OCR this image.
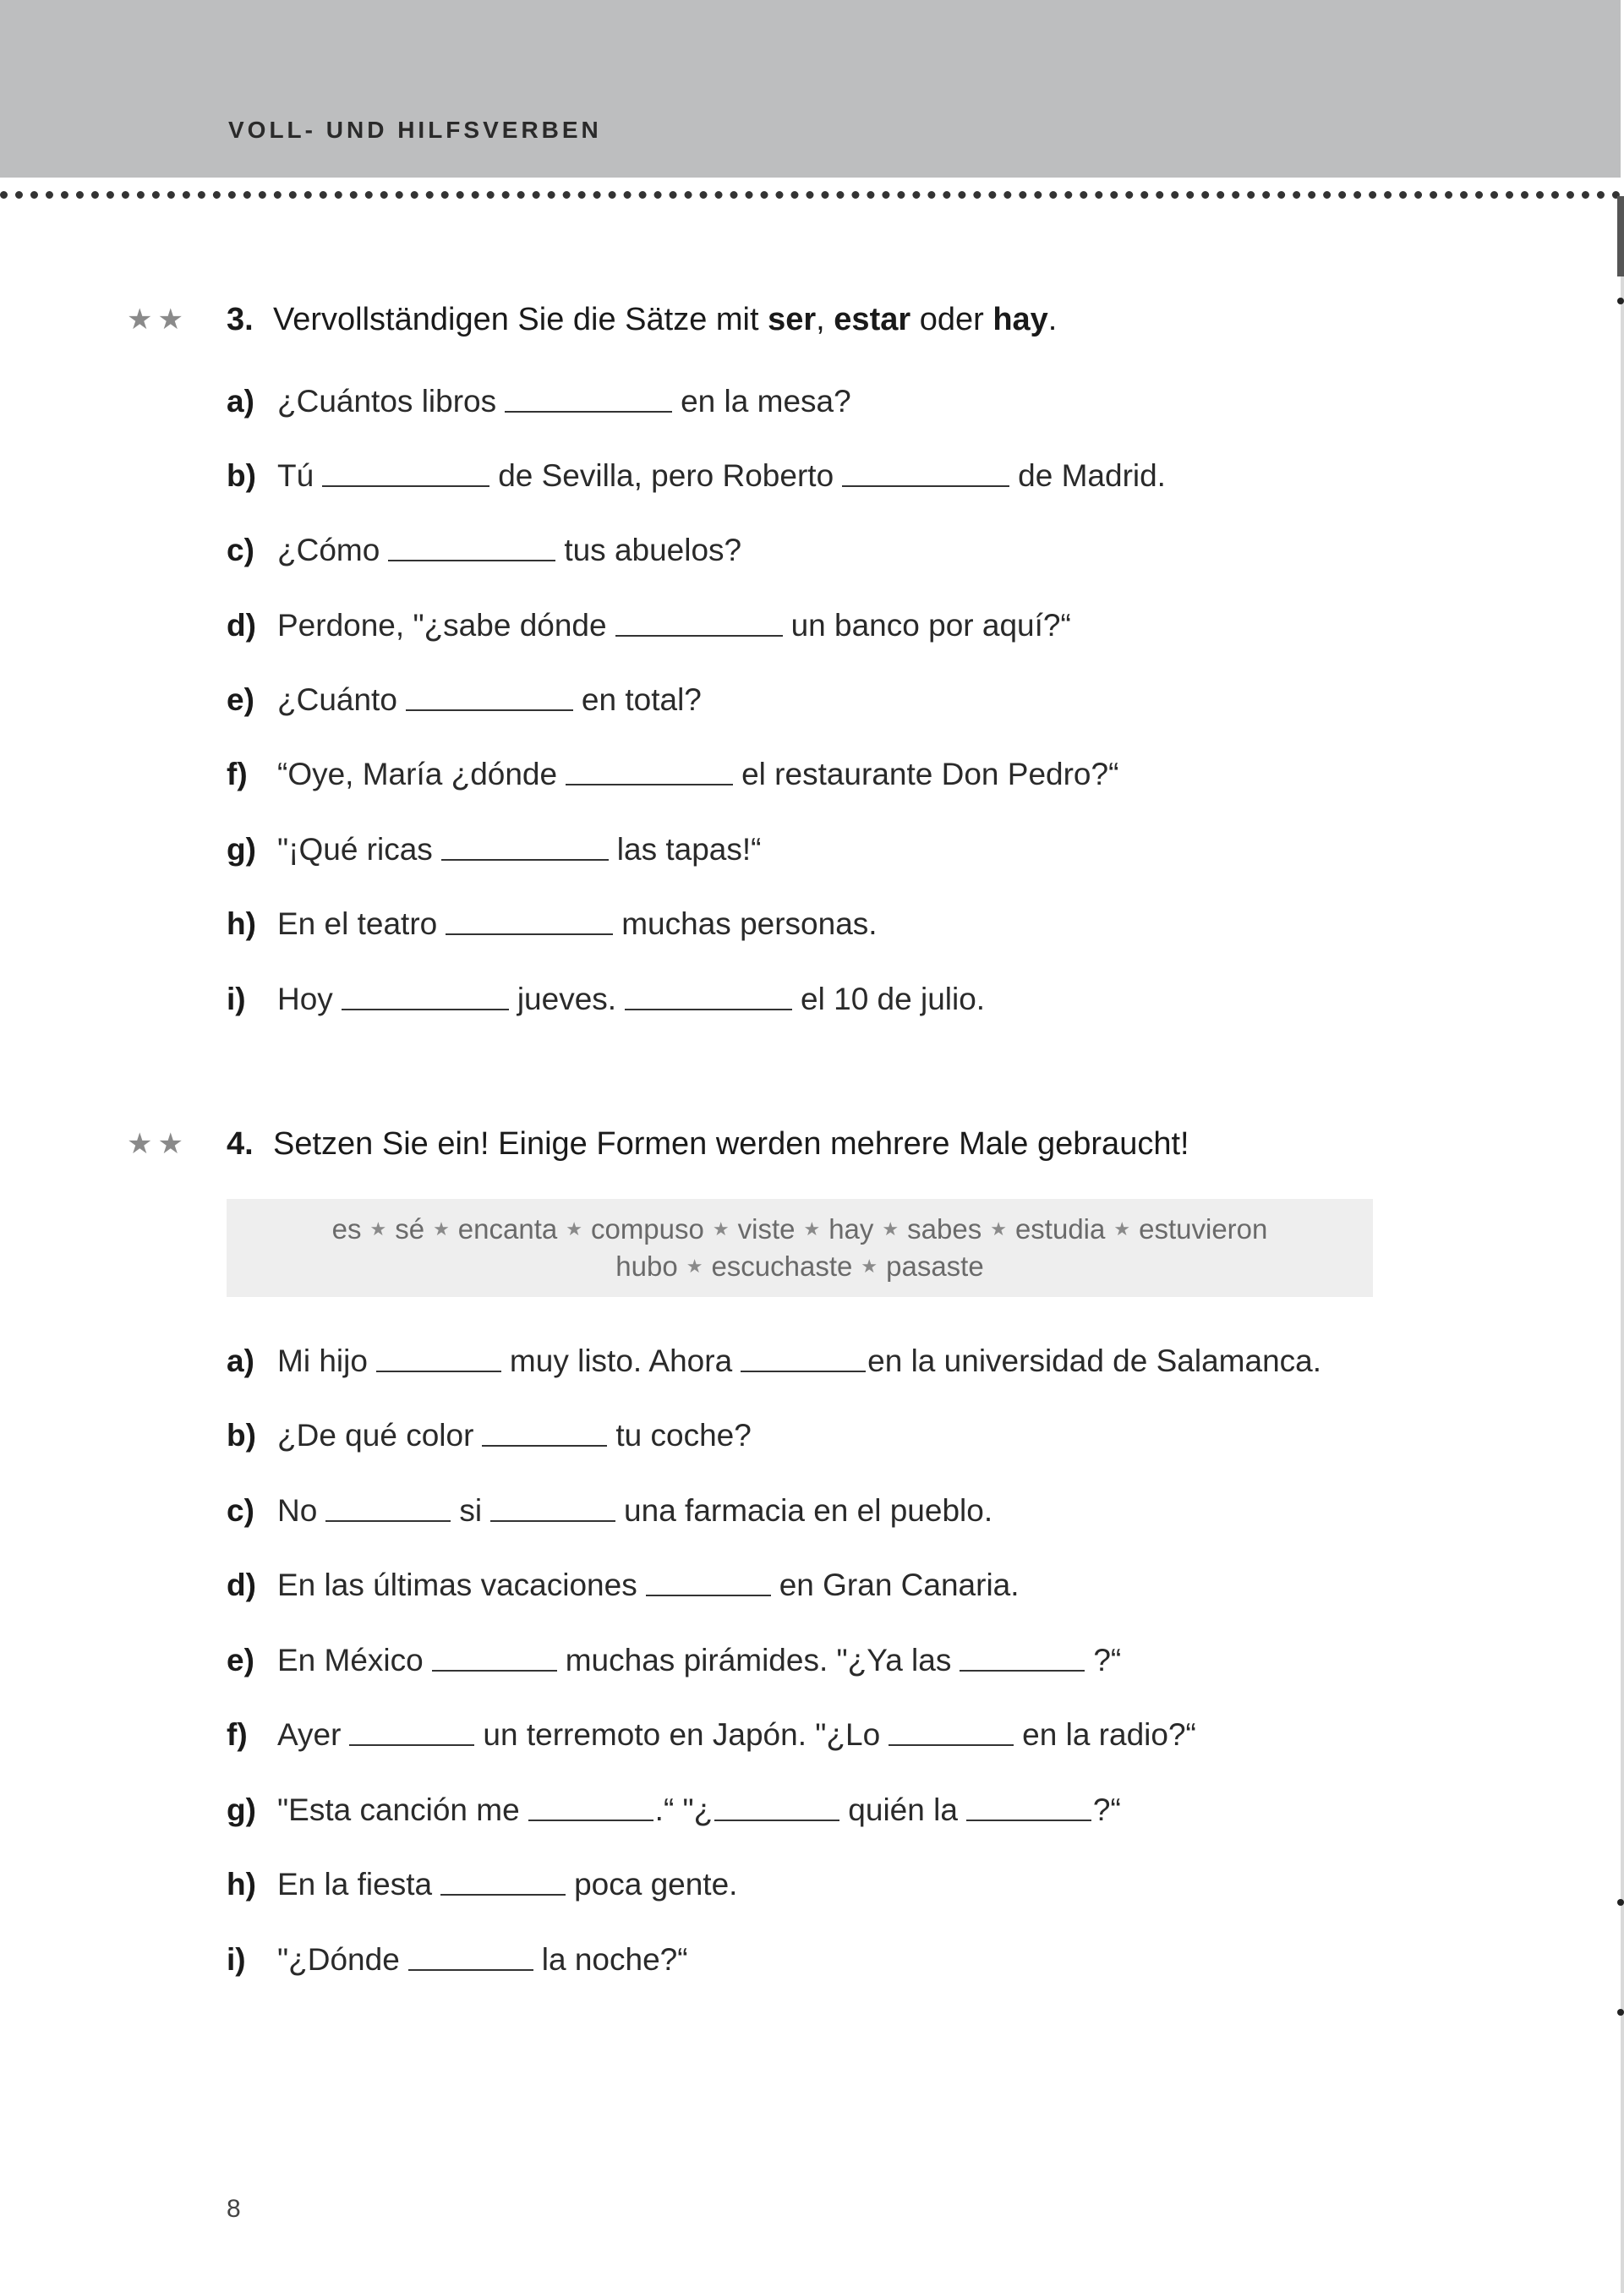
VOLL- UND HILFSVERBEN
★★	3. Vervollständigen Sie die Sätze mit ser, estar oder hay.
a) ¿Cuántos libros	en la mesa?
b) Tú	de Sevilla, pero Roberto	de Madrid.
c) ¿Cómo	tus abuelos?
d) Perdone, "¿sabe dónde	un banco por aquí?“
e) ¿Cuánto	en total?
f) “Oye, María ¿dónde	el restaurante Don Pedro?“
g) "¡Qué ricas	las tapas!“
h) En el teatro	muchas personas.
i)	Hoy	jueves.	el 10 de julio.
★★	4. Setzen Sie ein! Einige Formen werden mehrere Male gebraucht!
es ★ sé ★ encanta ★ compuso ★ viste ★ hay ★ sabes ★ estudia ★ estuvieron
hubo ★ escuchaste ★ pasaste
a) Mi hijo	muy listo. Ahora	en la universidad de Salamanca.
b) ¿De qué color	tu coche?
c) No	si	una farmacia en el pueblo.
d) En las últimas vacaciones	en Gran Canaria.
e) En México	muchas pirámides. "¿Ya las	?“
f) Ayer	un terremoto en Japón. "¿Lo	en la radio?“
g) "Esta canción me	.“ "¿	quién la	?“
h) En la fiesta	poca gente.
i)	"¿Dónde	la noche?“
8
